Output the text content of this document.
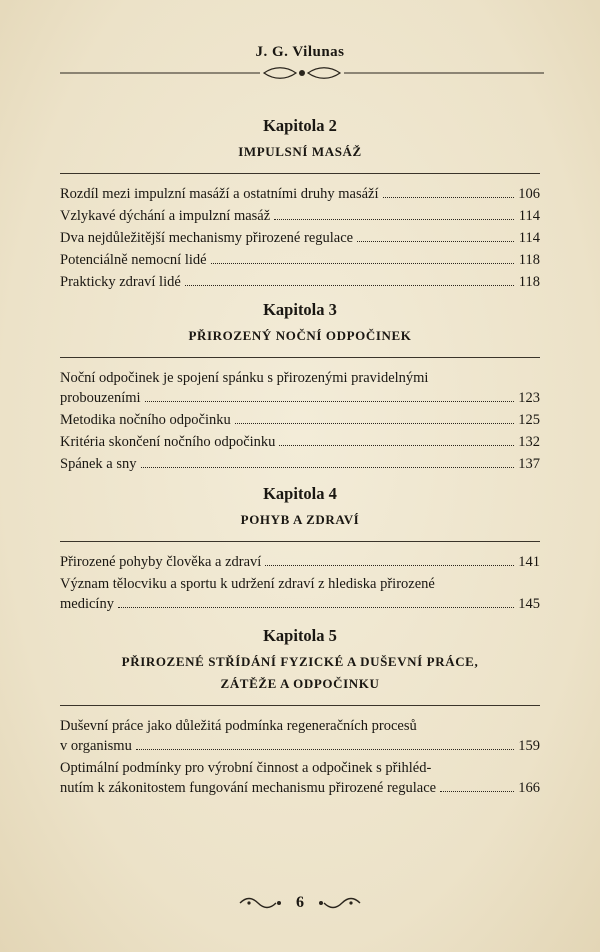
J. G. Vilunas
Kapitola 2
IMPULSNÍ MASÁŽ
Rozdíl mezi impulzní masáží a ostatními druhy masáží	106
Vzlykavé dýchání a impulzní masáž	114
Dva nejdůležitější mechanismy přirozené regulace	114
Potenciálně nemocní lidé	118
Prakticky zdraví lidé	118
Kapitola 3
PŘIROZENÝ NOČNÍ ODPOČINEK
Noční odpočinek je spojení spánku s přirozenými pravidelnými
probouzeními	123
Metodika nočního odpočinku	125
Kritéria skončení nočního odpočinku	132
Spánek a sny	137
Kapitola 4
POHYB A ZDRAVÍ
Přirozené pohyby člověka a zdraví	141
Význam tělocviku a sportu k udržení zdraví z hlediska přirozené
medicíny	145
Kapitola 5
PŘIROZENÉ STŘÍDÁNÍ FYZICKÉ A DUŠEVNÍ PRÁCE,
ZÁTĚŽE A ODPOČINKU
Duševní práce jako důležitá podmínka regeneračních procesů
v organismu	159
Optimální podmínky pro výrobní činnost a odpočinek s přihléd-
nutím k zákonitostem fungování mechanismu přirozené regulace	166
6
